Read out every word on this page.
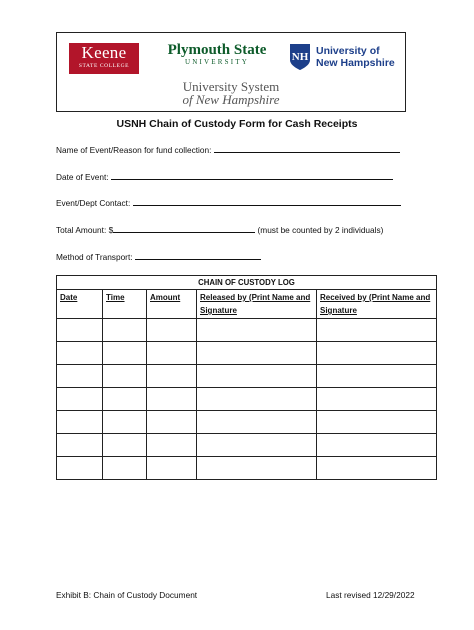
Keene
STATE COLLEGE
Plymouth State
UNIVERSITY	NH University of
New Hampshire
University System
of New Hampshire
USNH Chain of Custody Form for Cash Receipts
Name of Event/Reason for fund collection:
Date of Event:
Event/Dept Contact:
Total Amount: $	(must be counted by 2 individuals)
Method of Transport:
CHAIN OF CUSTODY LOG				
Date	Time	Amount	Released by (Print Name and Signature	Received by (Print Name and Signature

Exhibit B: Chain of Custody Document	Last revised 12/29/2022
